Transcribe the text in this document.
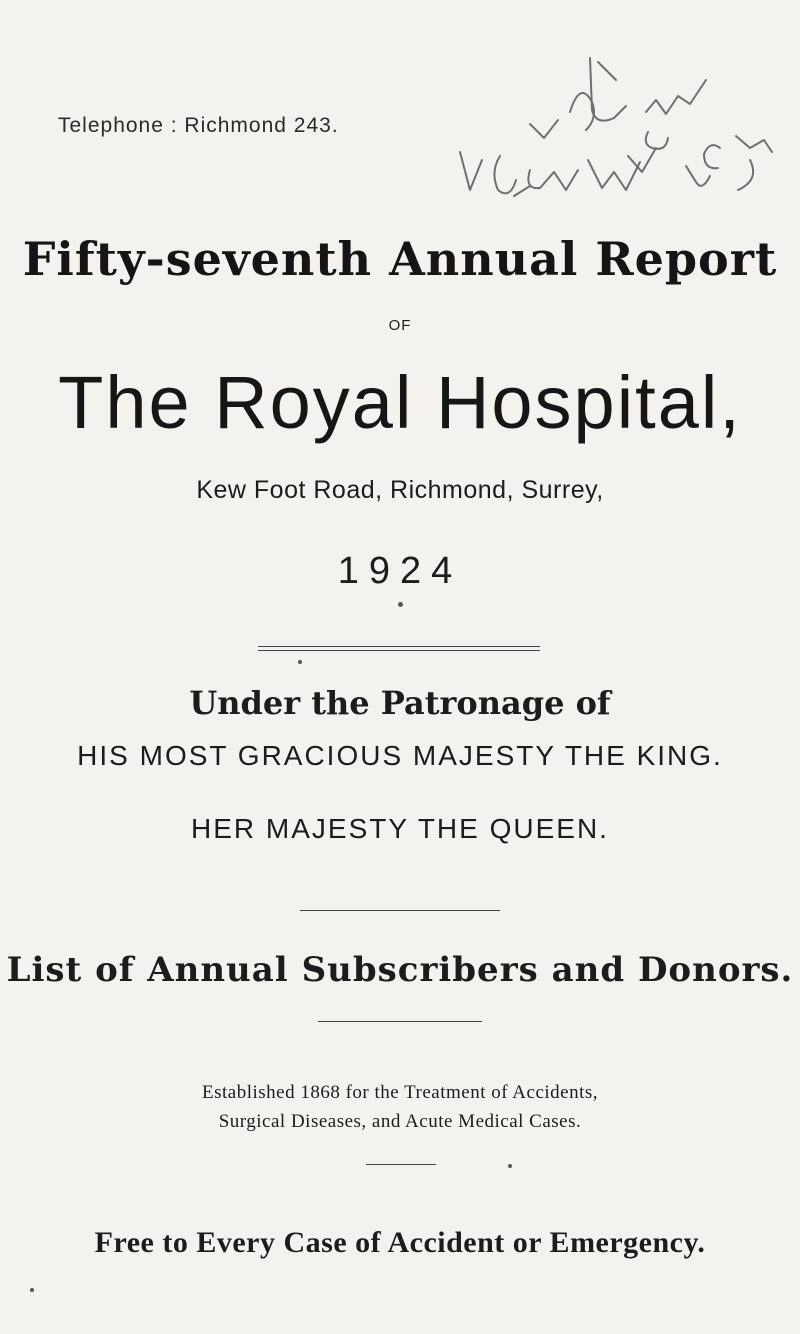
Telephone : Richmond 243.
Fifty-seventh Annual Report
OF
The Royal Hospital,
Kew Foot Road, Richmond, Surrey,
1924
Under the Patronage of
HIS MOST GRACIOUS MAJESTY THE KING.
HER MAJESTY THE QUEEN.
List of Annual Subscribers and Donors.
Established 1868 for the Treatment of Accidents,
Surgical Diseases, and Acute Medical Cases.
Free to Every Case of Accident or Emergency.
